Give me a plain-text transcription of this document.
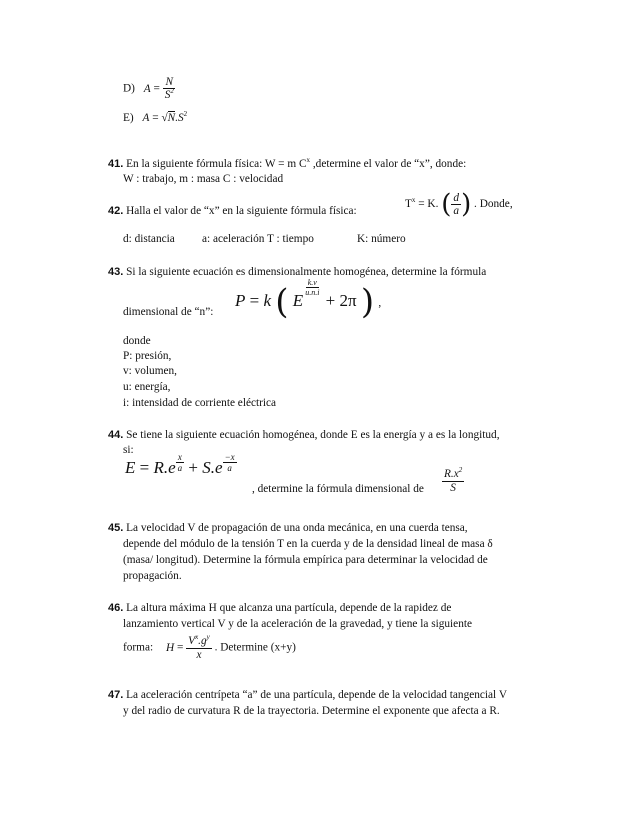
D) $A = \frac{N}{S^2}$
E) $A = √N.S^2$
41. En la siguiente fórmula física: W = m $C^x$ ,determine el valor de “x”, donde:
W : trabajo, m : masa C : velocidad
42. Halla el valor de “x” en la siguiente fórmula física:
$T^x = K$. ( $\frac{d}{a}$ ) . Donde,
d: distancia a: aceleración T : tiempo	K: número
43. Si la siguiente ecuación es dimensionalmente homogénea, determine la fórmula
dimensional de “n”:
P = k ( E
$\frac{k.v}{u.n.i}$
+ 2π ) ,
donde
P: presión,
v: volumen,
u: energía,
i: intensidad de corriente eléctrica
44. Se tiene la siguiente ecuación homogénea, donde E es la energía y a es la longitud,
si:
$E = R.e \frac{x}{a} + S.e \frac{-x}{a}$
, determine la fórmula dimensional de $\frac{R.x^2}{S}$
45. La velocidad V de propagación de una onda mecánica, en una cuerda tensa,
depende del módulo de la tensión T en la cuerda y de la densidad lineal de masa δ
(masa/ longitud). Determine la fórmula empírica para determinar la velocidad de
propagación.
46. La altura máxima H que alcanza una partícula, depende de la rapidez de
lanzamiento vertical V y de la aceleración de la gravedad, y tiene la siguiente
forma: $H = \frac{V^x.g^y}{x}$ . Determine (x+y)
47. La aceleración centrípeta “a” de una partícula, depende de la velocidad tangencial V
y del radio de curvatura R de la trayectoria. Determine el exponente que afecta a R.
